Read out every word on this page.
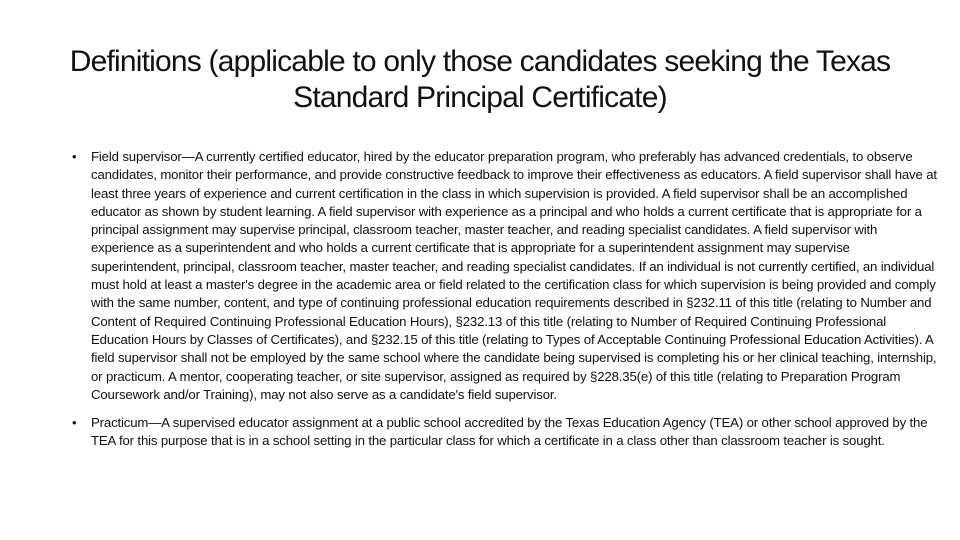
Definitions (applicable to only those candidates seeking the Texas Standard Principal Certificate)
• Field supervisor—A currently certified educator, hired by the educator preparation program, who preferably has advanced credentials, to observe candidates, monitor their performance, and provide constructive feedback to improve their effectiveness as educators. A field supervisor shall have at least three years of experience and current certification in the class in which supervision is provided. A field supervisor shall be an accomplished educator as shown by student learning. A field supervisor with experience as a principal and who holds a current certificate that is appropriate for a principal assignment may supervise principal, classroom teacher, master teacher, and reading specialist candidates. A field supervisor with experience as a superintendent and who holds a current certificate that is appropriate for a superintendent assignment may supervise superintendent, principal, classroom teacher, master teacher, and reading specialist candidates. If an individual is not currently certified, an individual must hold at least a master's degree in the academic area or field related to the certification class for which supervision is being provided and comply with the same number, content, and type of continuing professional education requirements described in §232.11 of this title (relating to Number and Content of Required Continuing Professional Education Hours), §232.13 of this title (relating to Number of Required Continuing Professional Education Hours by Classes of Certificates), and §232.15 of this title (relating to Types of Acceptable Continuing Professional Education Activities). A field supervisor shall not be employed by the same school where the candidate being supervised is completing his or her clinical teaching, internship, or practicum. A mentor, cooperating teacher, or site supervisor, assigned as required by §228.35(e) of this title (relating to Preparation Program Coursework and/or Training), may not also serve as a candidate's field supervisor.
• Practicum—A supervised educator assignment at a public school accredited by the Texas Education Agency (TEA) or other school approved by the TEA for this purpose that is in a school setting in the particular class for which a certificate in a class other than classroom teacher is sought.
